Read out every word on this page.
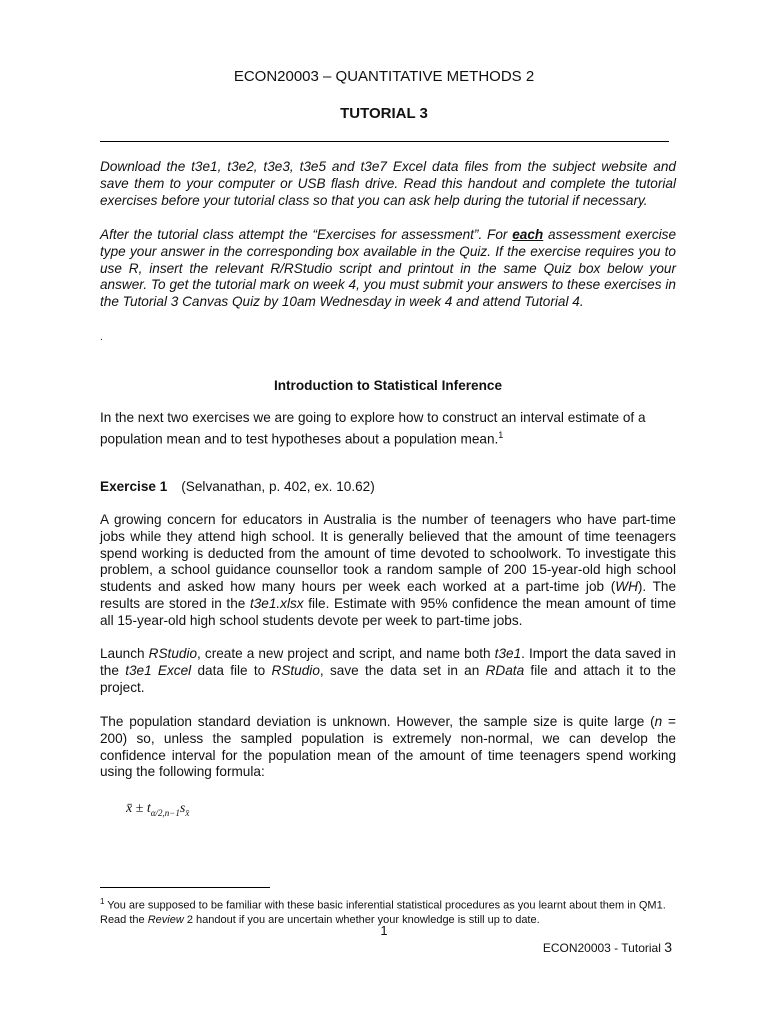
ECON20003 – QUANTITATIVE METHODS 2
TUTORIAL 3
Download the t3e1, t3e2, t3e3, t3e5 and t3e7 Excel data files from the subject website and save them to your computer or USB flash drive. Read this handout and complete the tutorial exercises before your tutorial class so that you can ask help during the tutorial if necessary.
After the tutorial class attempt the “Exercises for assessment”. For each assessment exercise type your answer in the corresponding box available in the Quiz. If the exercise requires you to use R, insert the relevant R/RStudio script and printout in the same Quiz box below your answer. To get the tutorial mark on week 4, you must submit your answers to these exercises in the Tutorial 3 Canvas Quiz by 10am Wednesday in week 4 and attend Tutorial 4.
.
Introduction to Statistical Inference
In the next two exercises we are going to explore how to construct an interval estimate of a population mean and to test hypotheses about a population mean.$^1$
Exercise 1 (Selvanathan, p. 402, ex. 10.62)
A growing concern for educators in Australia is the number of teenagers who have part-time jobs while they attend high school. It is generally believed that the amount of time teenagers spend working is deducted from the amount of time devoted to schoolwork. To investigate this problem, a school guidance counsellor took a random sample of 200 15-year-old high school students and asked how many hours per week each worked at a part-time job (WH). The results are stored in the t3e1.xlsx file. Estimate with 95% confidence the mean amount of time all 15-year-old high school students devote per week to part-time jobs.
Launch RStudio, create a new project and script, and name both t3e1. Import the data saved in the t3e1 Excel data file to RStudio, save the data set in an RData file and attach it to the project.
The population standard deviation is unknown. However, the sample size is quite large (n = 200) so, unless the sampled population is extremely non-normal, we can develop the confidence interval for the population mean of the amount of time teenagers spend working using the following formula:
x̄ ± $t_{\alpha/2,n-1}s_{x̄}$
$^1$ You are supposed to be familiar with these basic inferential statistical procedures as you learnt about them in QM1. Read the Review 2 handout if you are uncertain whether your knowledge is still up to date.
1
ECON20003 - Tutorial 3
